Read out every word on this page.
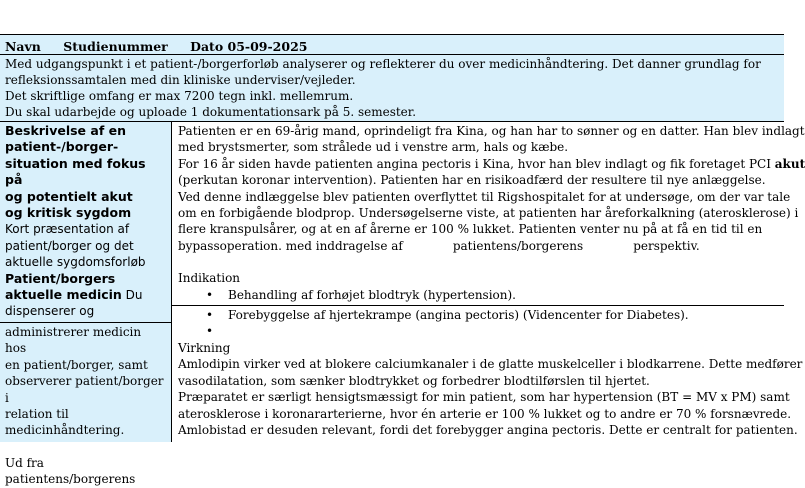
Navn Studienummer Dato 05-09-2025
Med udgangspunkt i et patient-/borgerforløb analyserer og reflekterer du over medicinhåndtering. Det danner grundlag for
refleksionssamtalen med din kliniske underviser/vejleder.
Det skriftlige omfang er max 7200 tegn inkl. mellemrum.
Du skal udarbejde og uploade 1 dokumentationsark på 5. semester.
Beskrivelse af en
patient-/borger-
situation med fokus på
og potentielt akut
og kritisk sygdom
Kort præsentation af
patient/borger og det
aktuelle sygdomsforløb
Patient/borgers
aktuelle medicin Du
dispenserer og
administrerer medicin hos
en patient/borger, samt
observerer patient/borger i
relation til
medicinhåndtering.
Ud fra
patientens/borgerens
Patienten er en 69-årig mand, oprindeligt fra Kina, og han har to sønner og en datter. Han blev indlagt
med brystsmerter, som strålede ud i venstre arm, hals og kæbe.
For 16 år siden havde patienten angina pectoris i Kina, hvor han blev indlagt og fik foretaget PCI akut
(perkutan koronar intervention). Patienten har en risikoadfærd der resultere til nye anlæggelse.
Ved denne indlæggelse blev patienten overflyttet til Rigshospitalet for at undersøge, om der var tale
om en forbigående blodprop. Undersøgelserne viste, at patienten har åreforkalkning (aterosklerose) i
flere kranspulsårer, og at en af årerne er 100 % lukket. Patienten venter nu på at få en tid til en
bypassoperation. med inddragelse af	patientens/borgerens	perspektiv.
Indikation
• Behandling af forhøjet blodtryk (hypertension).
• Forebyggelse af hjertekrampe (angina pectoris) (Videncenter for Diabetes).
•
Virkning
Amlodipin virker ved at blokere calciumkanaler i de glatte muskelceller i blodkarrene. Dette medfører
vasodilatation, som sænker blodtrykket og forbedrer blodtilførslen til hjertet.
Præparatet er særligt hensigtsmæssigt for min patient, som har hypertension (BT = MV x PM) samt
aterosklerose i koronararterierne, hvor én arterie er 100 % lukket og to andre er 70 % forsnævrede.
Amlobistad er desuden relevant, fordi det forebygger angina pectoris. Dette er centralt for patienten.
